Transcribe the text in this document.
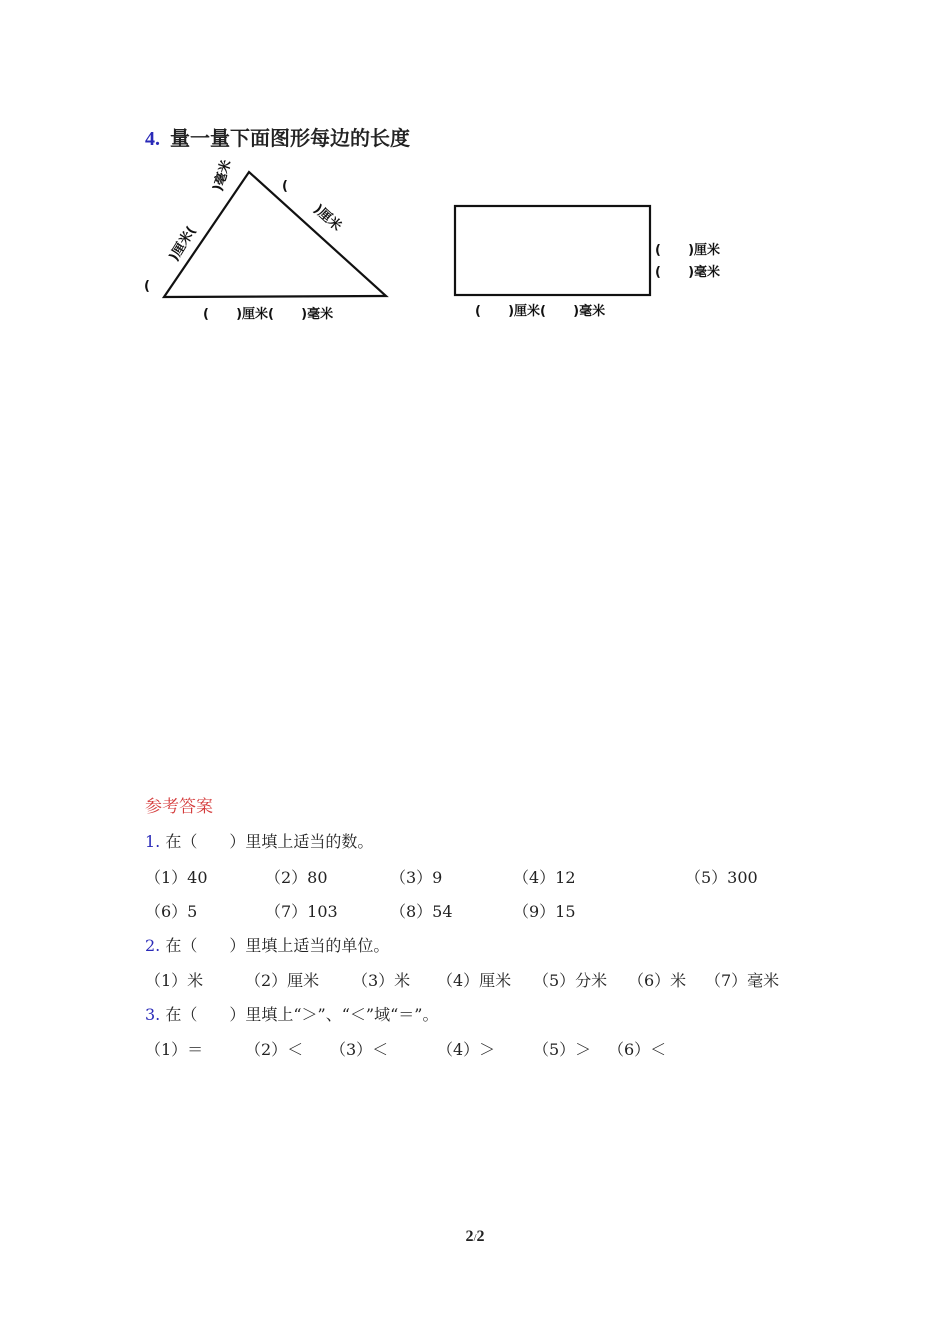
4. 量一量下面图形每边的长度
)厘米(
(
)毫米	(
)厘米
(      )厘米(      )毫米
(      )厘米
(      )毫米
(      )厘米(      )毫米
参考答案
1. 在（　　）里填上适当的数。
（1）40	（2）80	（3）9	（4）12	（5）300
（6）5	（7）103	（8）54	（9）15
2. 在（　　）里填上适当的单位。
（1）米	（2）厘米 （3）米 （4）厘米 （5）分米 （6）米 （7）毫米
3. 在（　　）里填上“＞”、“＜”域“＝”。
（1）＝	（2）＜ （3）＜	（4）＞ （5）＞ （6）＜
2/2
